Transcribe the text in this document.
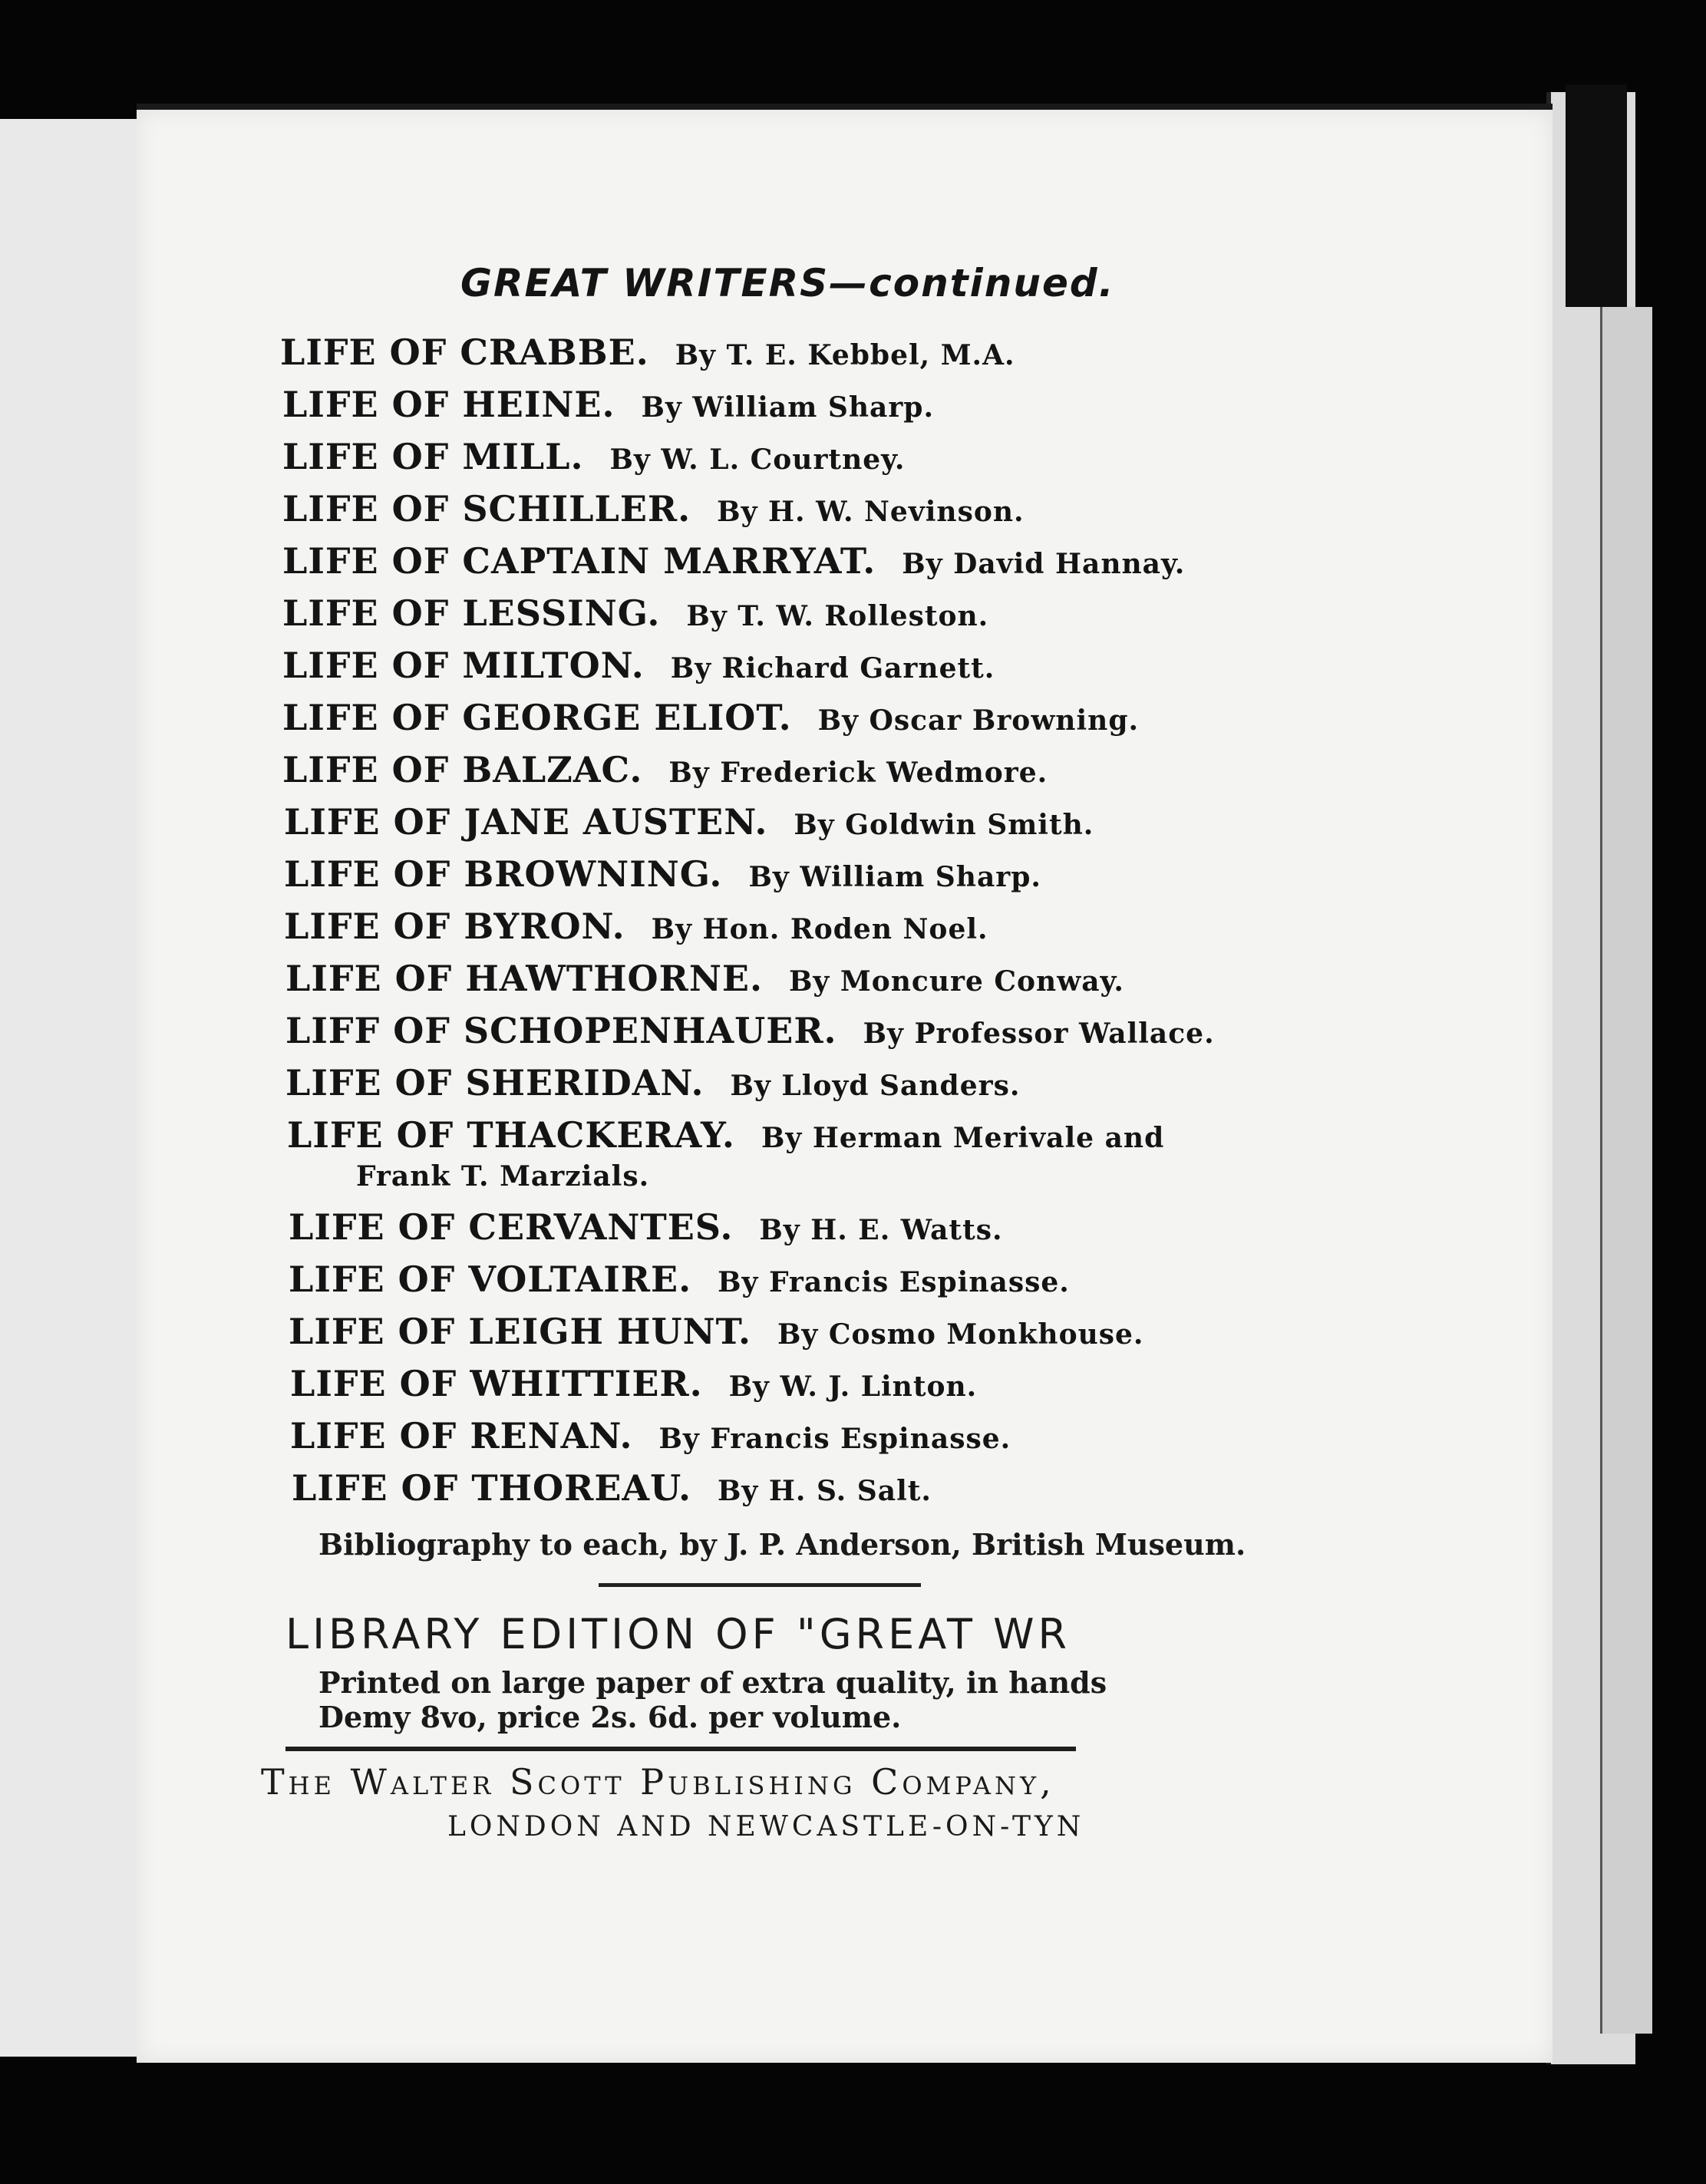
GREAT WRITERS—continued.
LIFE OF CRABBE. By T. E. Kebbel, M.A.
LIFE OF HEINE. By William Sharp.
LIFE OF MILL. By W. L. Courtney.
LIFE OF SCHILLER. By H. W. Nevinson.
LIFE OF CAPTAIN MARRYAT. By David Hannay.
LIFE OF LESSING. By T. W. Rolleston.
LIFE OF MILTON. By Richard Garnett.
LIFE OF GEORGE ELIOT. By Oscar Browning.
LIFE OF BALZAC. By Frederick Wedmore.
LIFE OF JANE AUSTEN. By Goldwin Smith.
LIFE OF BROWNING. By William Sharp.
LIFE OF BYRON. By Hon. Roden Noel.
LIFE OF HAWTHORNE. By Moncure Conway.
LIFF OF SCHOPENHAUER. By Professor Wallace.
LIFE OF SHERIDAN. By Lloyd Sanders.
LIFE OF THACKERAY. By Herman Merivale and
Frank T. Marzials.
LIFE OF CERVANTES. By H. E. Watts.
LIFE OF VOLTAIRE. By Francis Espinasse.
LIFE OF LEIGH HUNT. By Cosmo Monkhouse.
LIFE OF WHITTIER. By W. J. Linton.
LIFE OF RENAN. By Francis Espinasse.
LIFE OF THOREAU. By H. S. Salt.
Bibliography to each, by J. P. Anderson, British Museum.
LIBRARY EDITION OF "GREAT WR
Printed on large paper of extra quality, in hands
Demy 8vo, price 2s. 6d. per volume.
The Walter Scott Publishing Company,
LONDON AND NEWCASTLE-ON-TYN
